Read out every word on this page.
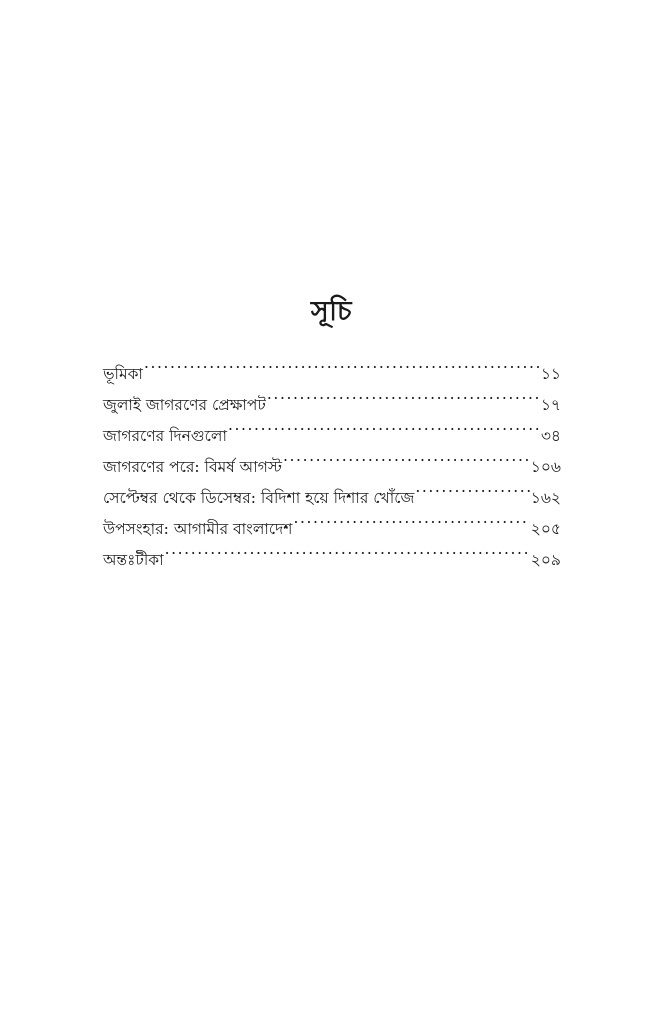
সূচি
ভূমিকা .....	১১
জুলাই জাগরণের প্রেক্ষাপট .....	১৭
জাগরণের দিনগুলো .....	৩৪
জাগরণের পরে: বিমর্ষ আগস্ট .....	১০৬
সেপ্টেম্বর থেকে ডিসেম্বর: বিদিশা হয়ে দিশার খোঁজে .....	১৬২
উপসংহার: আগামীর বাংলাদেশ .....	২০৫
অন্তঃটীকা .....	২০৯
